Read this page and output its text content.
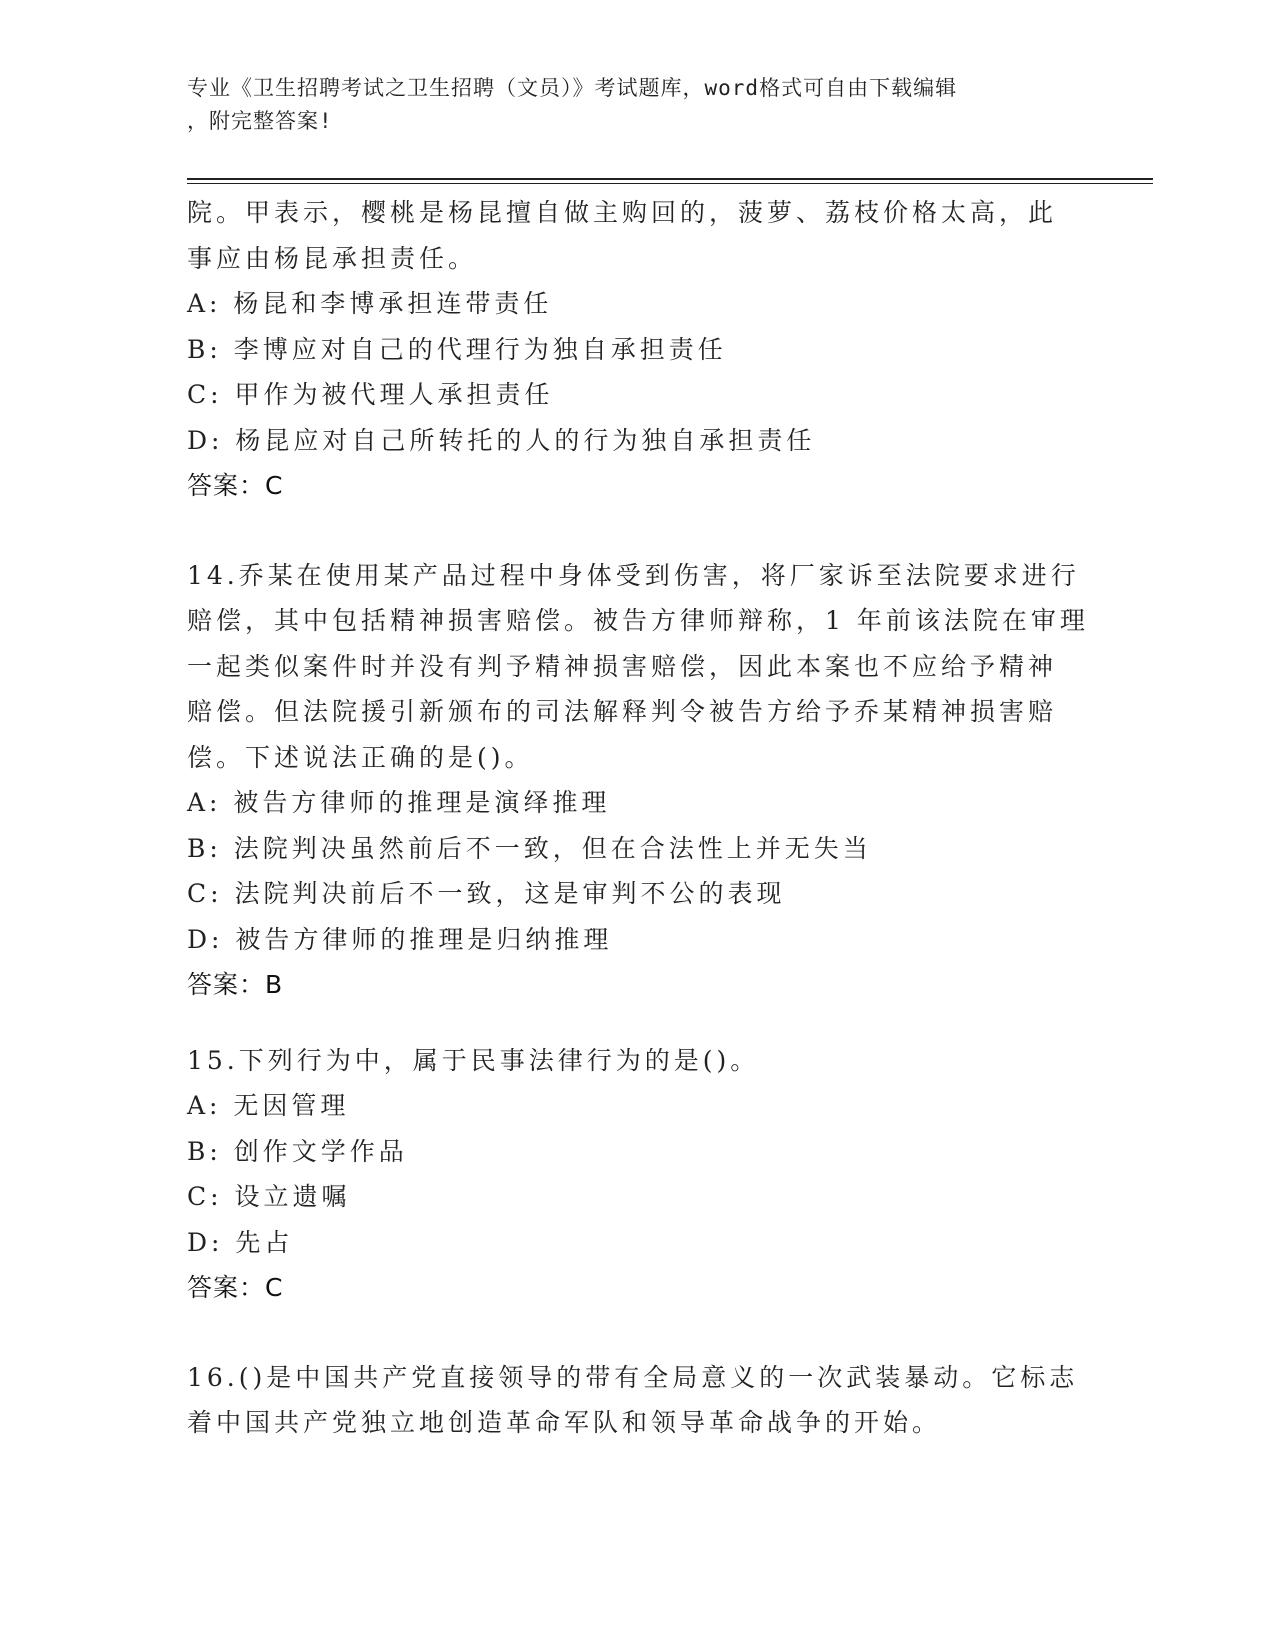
专业《卫生招聘考试之卫生招聘（文员）》考试题库，word格式可自由下载编辑
，附完整答案!
院。甲表示，樱桃是杨昆擅自做主购回的，菠萝、荔枝价格太高，此
事应由杨昆承担责任。
A: 杨昆和李博承担连带责任
B: 李博应对自己的代理行为独自承担责任
C: 甲作为被代理人承担责任
D: 杨昆应对自己所转托的人的行为独自承担责任
答案：C
14.乔某在使用某产品过程中身体受到伤害，将厂家诉至法院要求进行
赔偿，其中包括精神损害赔偿。被告方律师辩称，1 年前该法院在审理
一起类似案件时并没有判予精神损害赔偿，因此本案也不应给予精神
赔偿。但法院援引新颁布的司法解释判令被告方给予乔某精神损害赔
偿。下述说法正确的是()。
A: 被告方律师的推理是演绎推理
B: 法院判决虽然前后不一致，但在合法性上并无失当
C: 法院判决前后不一致，这是审判不公的表现
D: 被告方律师的推理是归纳推理
答案：B
15.下列行为中，属于民事法律行为的是()。
A: 无因管理
B: 创作文学作品
C: 设立遗嘱
D: 先占
答案：C
16.()是中国共产党直接领导的带有全局意义的一次武装暴动。它标志
着中国共产党独立地创造革命军队和领导革命战争的开始。
